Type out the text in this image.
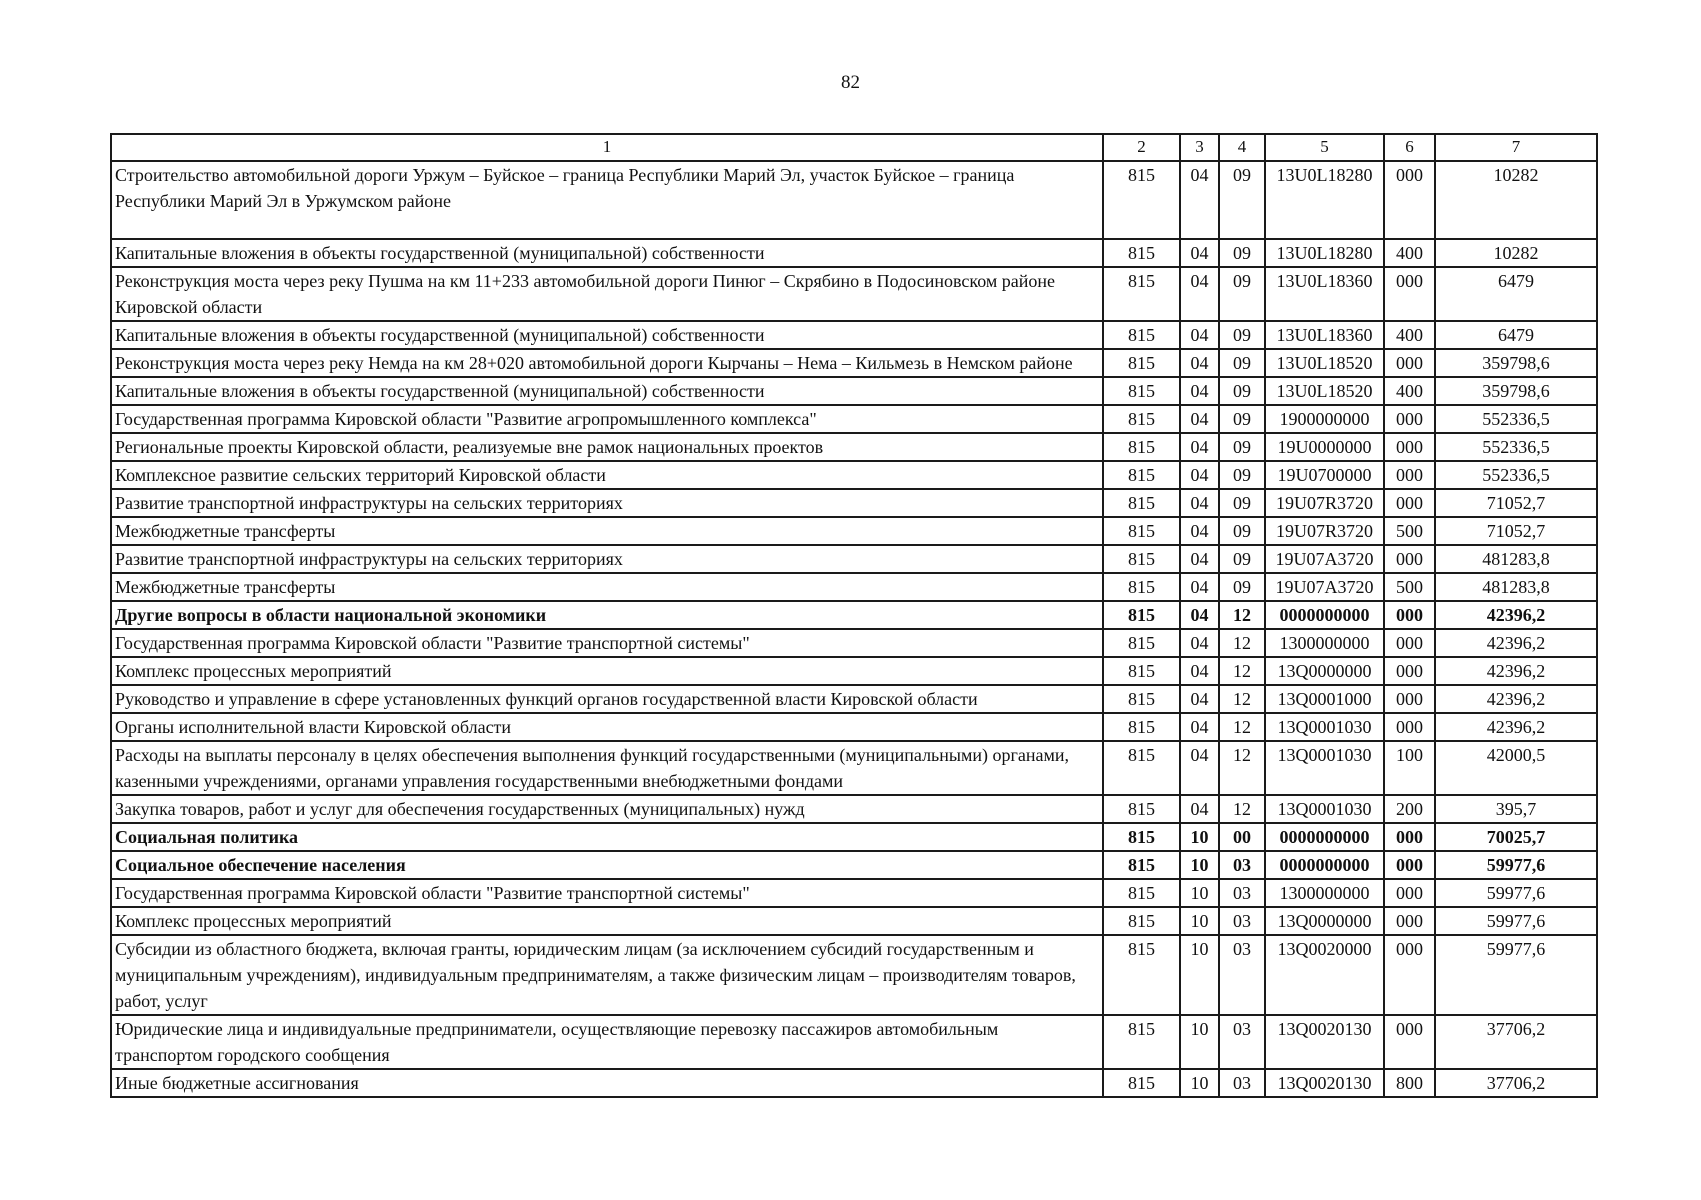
82
1	2	3	4	5	6	7
Строительство автомобильной дороги Уржум – Буйское – граница Республики Марий Эл, участок Буйское – граница Республики Марий Эл в Уржумском районе	815	04	09	13U0L18280	000	10282
Капитальные вложения в объекты государственной (муниципальной) собственности	815	04	09	13U0L18280	400	10282
Реконструкция моста через реку Пушма на км 11+233 автомобильной дороги Пинюг – Скрябино в Подосиновском районе Кировской области	815	04	09	13U0L18360	000	6479
Капитальные вложения в объекты государственной (муниципальной) собственности	815	04	09	13U0L18360	400	6479
Реконструкция моста через реку Немда на км 28+020 автомобильной дороги Кырчаны – Нема – Кильмезь в Немском районе	815	04	09	13U0L18520	000	359798,6
Капитальные вложения в объекты государственной (муниципальной) собственности	815	04	09	13U0L18520	400	359798,6
Государственная программа Кировской области "Развитие агропромышленного комплекса"	815	04	09	1900000000	000	552336,5
Региональные проекты Кировской области, реализуемые вне рамок национальных проектов	815	04	09	19U0000000	000	552336,5
Комплексное развитие сельских территорий Кировской области	815	04	09	19U0700000	000	552336,5
Развитие транспортной инфраструктуры на сельских территориях	815	04	09	19U07R3720	000	71052,7
Межбюджетные трансферты	815	04	09	19U07R3720	500	71052,7
Развитие транспортной инфраструктуры на сельских территориях	815	04	09	19U07A3720	000	481283,8
Межбюджетные трансферты	815	04	09	19U07A3720	500	481283,8
Другие вопросы в области национальной экономики	815	04	12	0000000000	000	42396,2
Государственная программа Кировской области "Развитие транспортной системы"	815	04	12	1300000000	000	42396,2
Комплекс процессных мероприятий	815	04	12	13Q0000000	000	42396,2
Руководство и управление в сфере установленных функций органов государственной власти Кировской области	815	04	12	13Q0001000	000	42396,2
Органы исполнительной власти Кировской области	815	04	12	13Q0001030	000	42396,2
Расходы на выплаты персоналу в целях обеспечения выполнения функций государственными (муниципальными) органами, казенными учреждениями, органами управления государственными внебюджетными фондами	815	04	12	13Q0001030	100	42000,5
Закупка товаров, работ и услуг для обеспечения государственных (муниципальных) нужд	815	04	12	13Q0001030	200	395,7
Социальная политика	815	10	00	0000000000	000	70025,7
Социальное обеспечение населения	815	10	03	0000000000	000	59977,6
Государственная программа Кировской области "Развитие транспортной системы"	815	10	03	1300000000	000	59977,6
Комплекс процессных мероприятий	815	10	03	13Q0000000	000	59977,6
Субсидии из областного бюджета, включая гранты, юридическим лицам (за исключением субсидий государственным и муниципальным учреждениям), индивидуальным предпринимателям, а также физическим лицам – производителям товаров, работ, услуг	815	10	03	13Q0020000	000	59977,6
Юридические лица и индивидуальные предприниматели, осуществляющие перевозку пассажиров автомобильным транспортом городского сообщения	815	10	03	13Q0020130	000	37706,2
Иные бюджетные ассигнования	815	10	03	13Q0020130	800	37706,2
